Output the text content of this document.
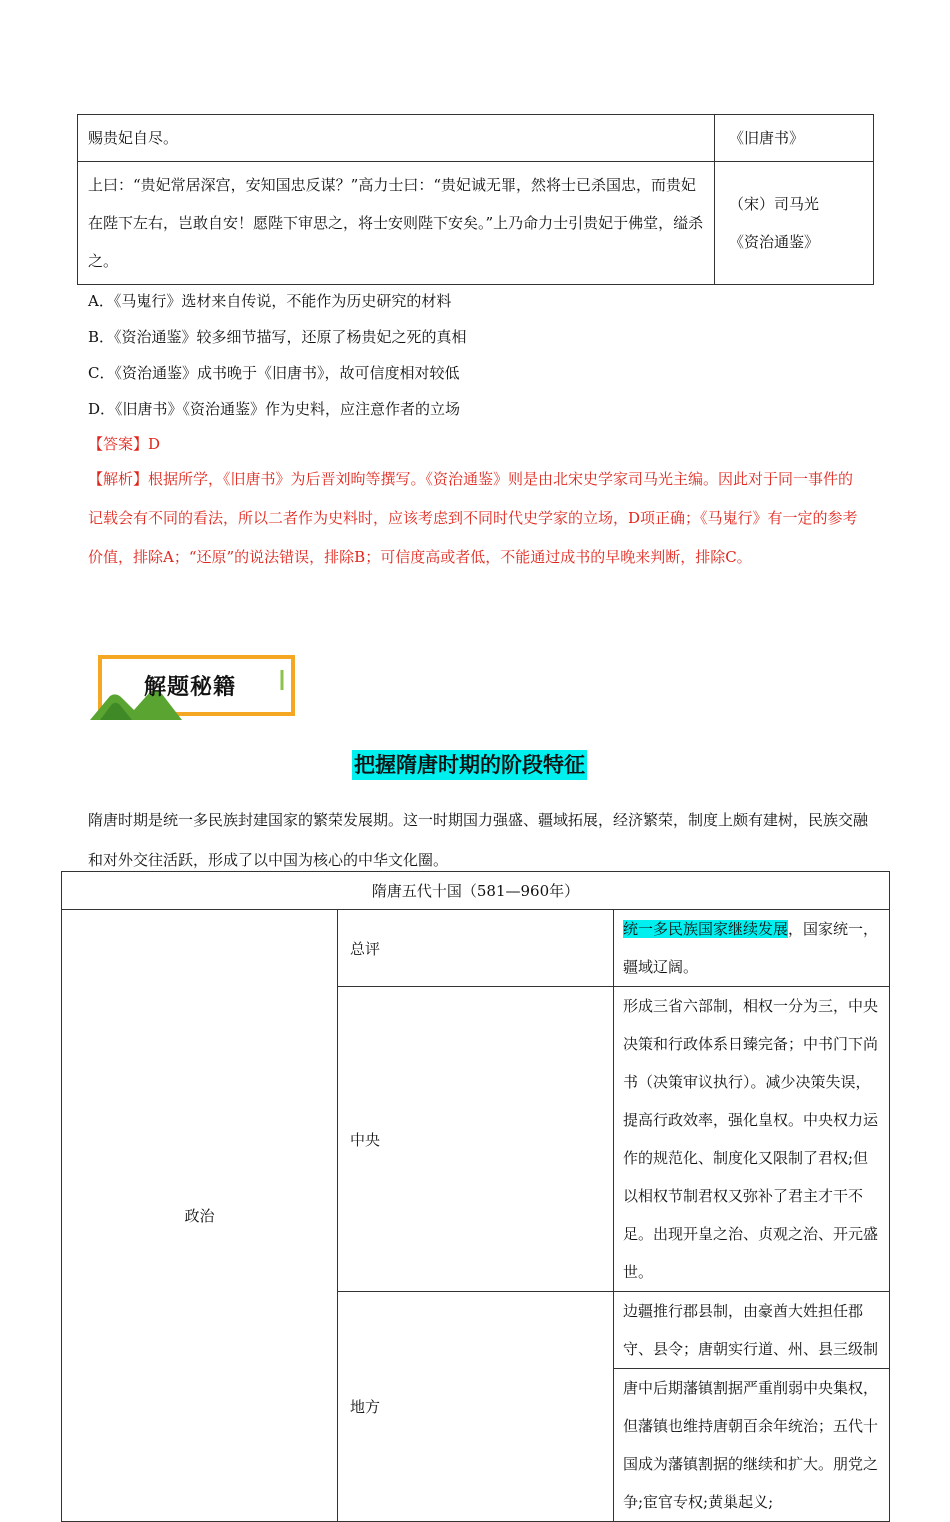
赐贵妃自尽。	《旧唐书》
上曰：“贵妃常居深宫，安知国忠反谋？”高力士曰：“贵妃诚无罪，然将士已杀国忠，而贵妃在陛下左右，岂敢自安！愿陛下审思之，将士安则陛下安矣。”上乃命力士引贵妃于佛堂，缢杀之。	（宋）司马光
《资治通鉴》
A．《马嵬行》选材来自传说，不能作为历史研究的材料
B．《资治通鉴》较多细节描写，还原了杨贵妃之死的真相
C．《资治通鉴》成书晚于《旧唐书》，故可信度相对较低
D．《旧唐书》《资治通鉴》作为史料，应注意作者的立场
【答案】D
【解析】根据所学，《旧唐书》为后晋刘昫等撰写。《资治通鉴》则是由北宋史学家司马光主编。因此对于同一事件的记载会有不同的看法，所以二者作为史料时，应该考虑到不同时代史学家的立场，D项正确；《马嵬行》有一定的参考价值，排除A；“还原”的说法错误，排除B；可信度高或者低，不能通过成书的早晚来判断，排除C。
解题秘籍
把握隋唐时期的阶段特征
隋唐时期是统一多民族封建国家的繁荣发展期。这一时期国力强盛、疆域拓展，经济繁荣，制度上颇有建树，民族交融和对外交往活跃，形成了以中国为核心的中华文化圈。
隋唐五代十国（581—960年）		
政治	总评	统一多民族国家继续发展，国家统一，疆域辽阔。
	中央	形成三省六部制，相权一分为三，中央决策和行政体系日臻完备；中书门下尚书（决策审议执行）。减少决策失误，提高行政效率，强化皇权。中央权力运作的规范化、制度化又限制了君权;但以相权节制君权又弥补了君主才干不足。出现开皇之治、贞观之治、开元盛世。
	地方	边疆推行郡县制，由豪酋大姓担任郡守、县令；唐朝实行道、州、县三级制
		唐中后期藩镇割据严重削弱中央集权，但藩镇也维持唐朝百余年统治；五代十国成为藩镇割据的继续和扩大。朋党之争;宦官专权;黄巢起义;
